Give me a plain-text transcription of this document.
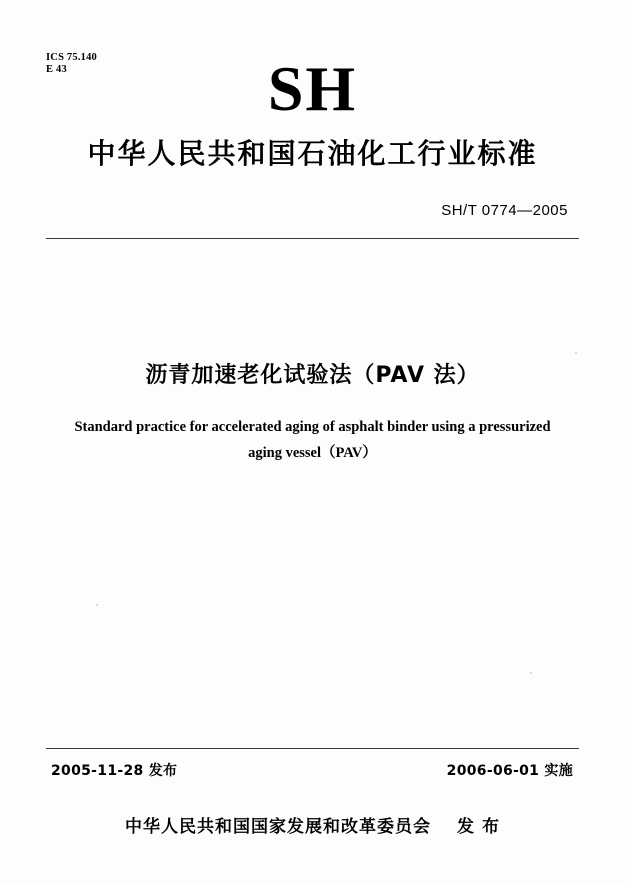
ICS 75.140
E 43	SH
中华人民共和国石油化工行业标准
SH/T 0774—2005
沥青加速老化试验法（PAV 法）
Standard practice for accelerated aging of asphalt binder using a pressurized
aging vessel（PAV）
2005-11-28 发布	2006-06-01 实施
中华人民共和国国家发展和改革委员会 发 布
